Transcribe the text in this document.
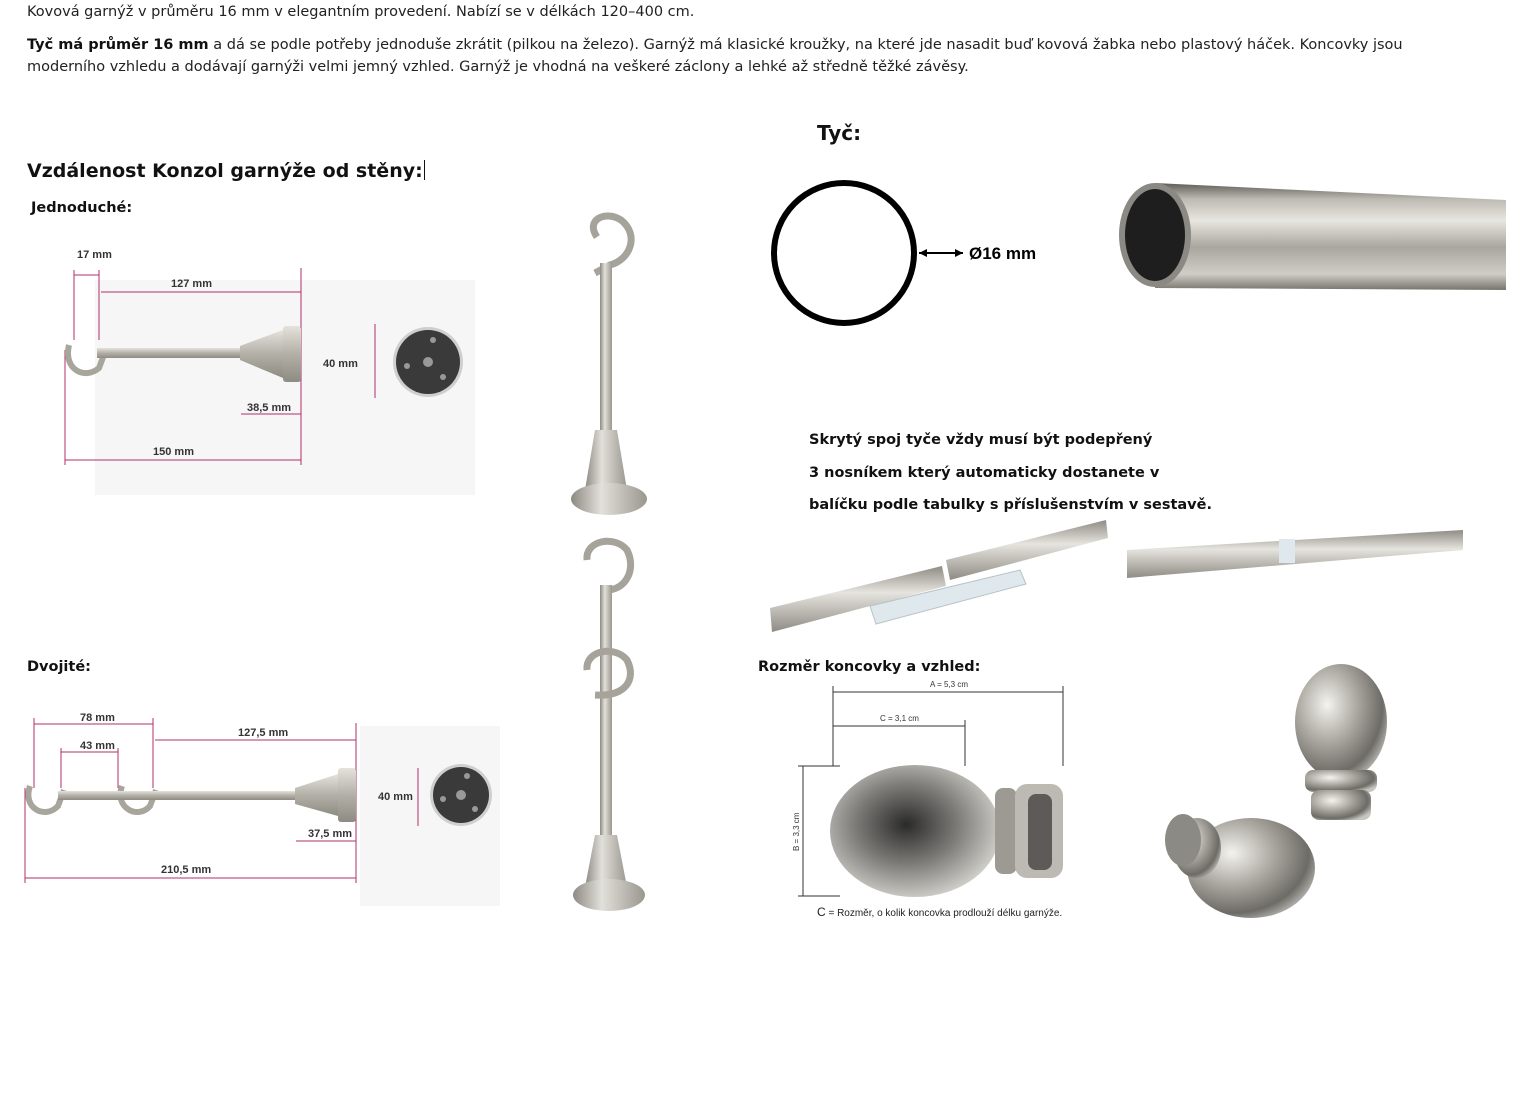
Kovová garnýž v průměru 16 mm v elegantním provedení. Nabízí se v délkách 120–400 cm.
Tyč má průměr 16 mm a dá se podle potřeby jednoduše zkrátit (pilkou na železo). Garnýž má klasické kroužky, na které jde nasadit buď kovová žabka nebo plastový háček. Koncovky jsou moderního vzhledu a dodávají garnýži velmi jemný vzhled. Garnýž je vhodná na veškeré záclony a lehké až středně těžké závěsy.
Vzdálenost Konzol garnýže od stěny:
Tyč:
Jednoduché:
Dvojité:	Rozměr koncovky a vzhled:
17 mm
127 mm
40 mm
38,5 mm
150 mm
78 mm
43 mm
127,5 mm
40 mm
37,5 mm
210,5 mm
Ø16 mm
Skrytý spoj tyče vždy musí být podepřený
3 nosníkem který automaticky dostanete v
balíčku podle tabulky s příslušenstvím v sestavě.
A = 5,3 cm
C = 3,1 cm
B = 3,3 cm
C = Rozměr, o kolik koncovka prodlouží délku garnýže.
